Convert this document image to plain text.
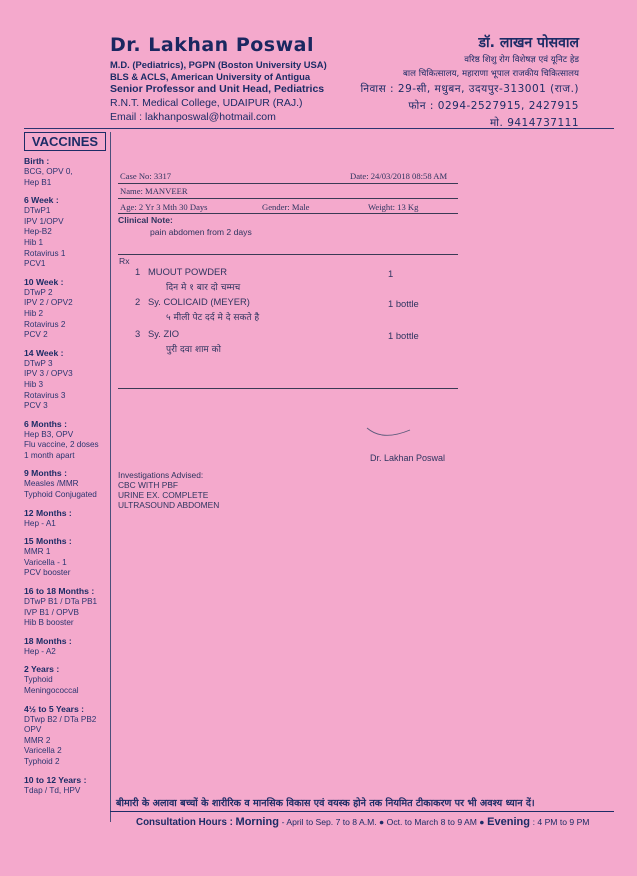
Dr. Lakhan Poswal
M.D. (Pediatrics), PGPN (Boston University USA)
BLS & ACLS, American University of Antigua
Senior Professor and Unit Head, Pediatrics
R.N.T. Medical College, UDAIPUR (RAJ.)
Email : lakhanposwal@hotmail.com
डॉ. लाखन पोसवाल
वरिष्ठ शिशु रोग विशेषज्ञ एवं यूनिट हेड
बाल चिकित्सालय, महाराणा भूपाल राजकीय चिकित्सालय
निवास : 29-सी, मधुबन, उदयपुर-313001 (राज.)
फोन : 0294-2527915, 2427915
मो. 9414737111
VACCINES
Birth :
BCG, OPV 0,
Hep B1
6 Week :
DTwP1
IPV 1/OPV
Hep-B2
Hib 1
Rotavirus 1
PCV1
10 Week :
DTwP 2
IPV 2 / OPV2
Hib 2
Rotavirus 2
PCV 2
14 Week :
DTwP 3
IPV 3 / OPV3
Hib 3
Rotavirus 3
PCV 3
6 Months :
Hep B3, OPV
Flu vaccine, 2 doses
1 month apart
9 Months :
Measles /MMR
Typhoid Conjugated
12 Months :
Hep - A1
15 Months :
MMR 1
Varicella - 1
PCV booster
16 to 18 Months :
DTwP B1 / DTa PB1
IVP B1 / OPVB
Hib B booster
18 Months :
Hep - A2
2 Years :
Typhoid
Meningococcal
4½ to 5 Years :
DTwp B2 / DTa PB2
OPV
MMR 2
Varicella 2
Typhoid 2
10 to 12 Years :
Tdap / Td, HPV
Case No: 3317	Date: 24/03/2018 08:58 AM
Name: MANVEER
Age: 2 Yr 3 Mth 30 Days	Gender: Male	Weight: 13 Kg
Clinical Note:
pain abdomen from 2 days
Rx
1 MUOUT POWDER	1
दिन मे १ बार दो चम्मच
2 Sy. COLICAID (MEYER)	1 bottle
५ मीली पेट दर्द मे दे सकते है
3 Sy. ZIO	1 bottle
पुरी दवा शाम को
Dr. Lakhan Poswal
Investigations Advised:
CBC WITH PBF
URINE EX. COMPLETE
ULTRASOUND ABDOMEN
बीमारी के अलावा बच्चों के शारीरिक व मानसिक विकास एवं वयस्क होने तक नियमित टीकाकरण पर भी अवश्य ध्यान दें।
Consultation Hours : Morning - April to Sep. 7 to 8 A.M. ● Oct. to March 8 to 9 AM ● Evening : 4 PM to 9 PM
